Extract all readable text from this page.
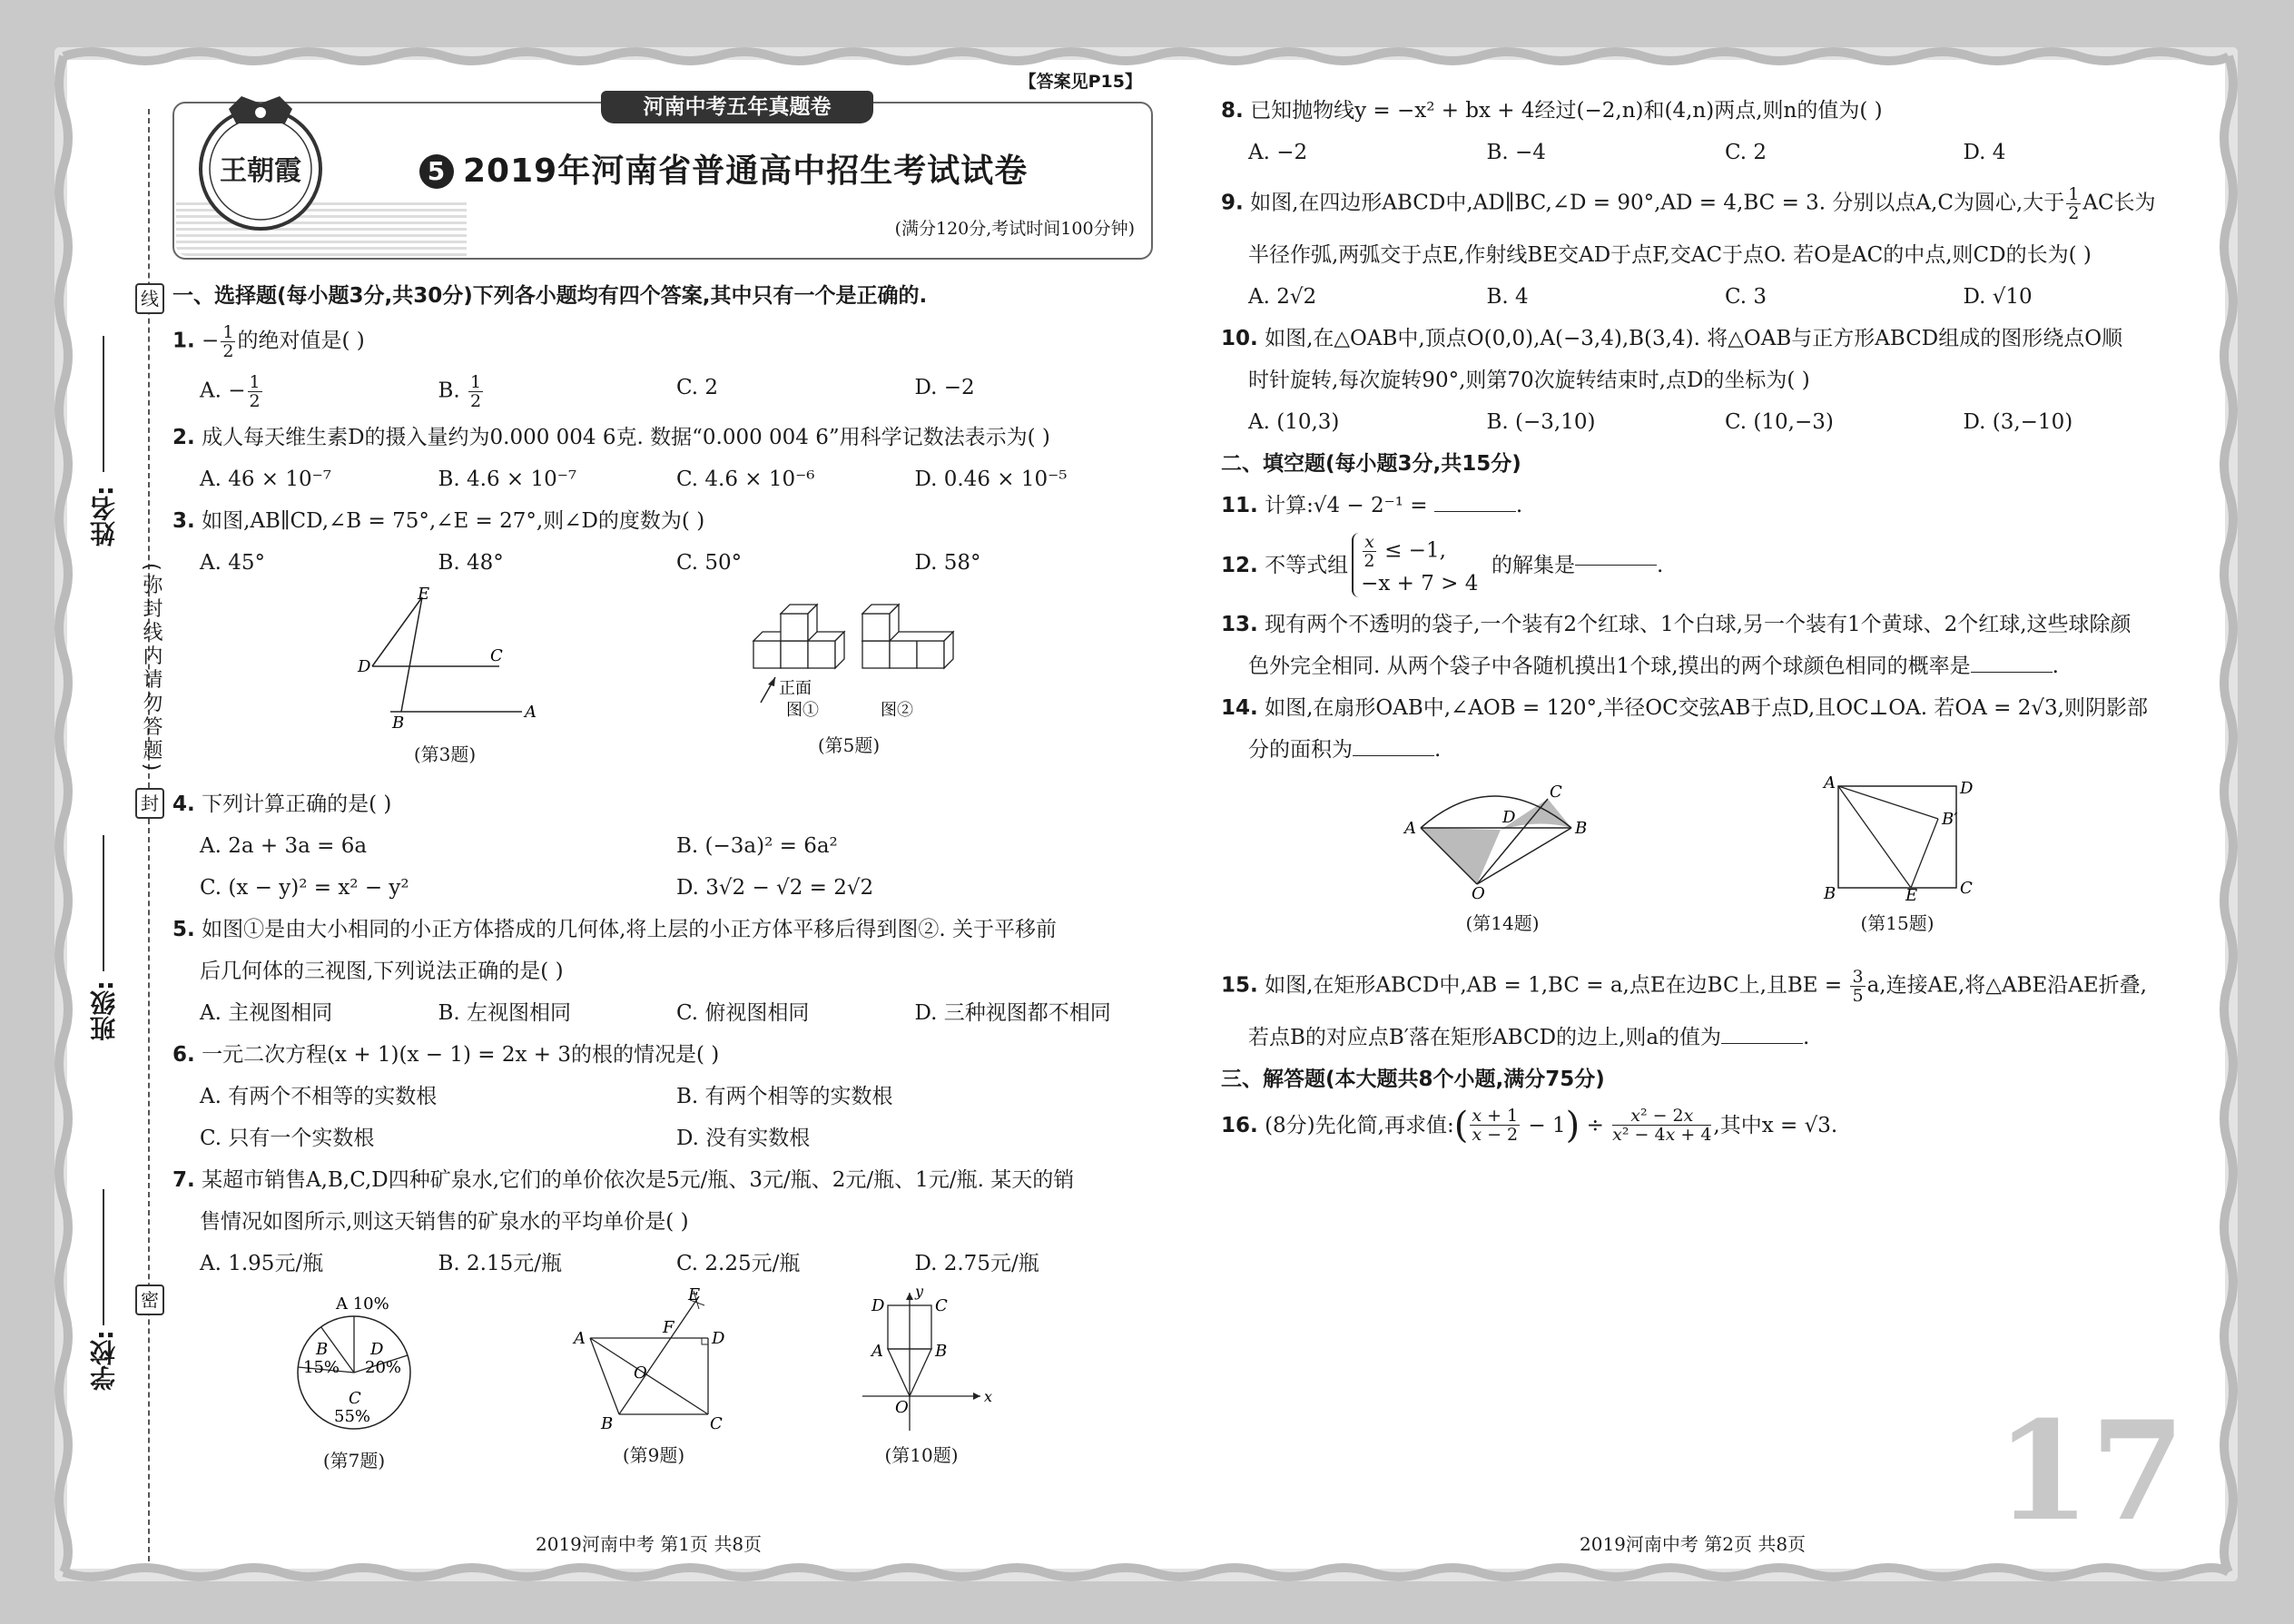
17
线
姓名:
(弥封线内请勿答题)
封
班级:
密
学校:
【答案见P15】
王朝霞
河南中考五年真题卷
5 2019年河南省普通高中招生考试试卷
(满分120分,考试时间100分钟)
一、选择题(每小题3分,共30分)下列各小题均有四个答案,其中只有一个是正确的.
1. − $\frac{1}{2}$ 的绝对值是( )
A. − $\frac{1}{2}$	B. $\frac{1}{2}$	C. 2	D. −2
2. 成人每天维生素D的摄入量约为0.000 004 6克. 数据“0.000 004 6”用科学记数法表示为( )
A. 46 × 10⁻⁷	B. 4.6 × 10⁻⁷	C. 4.6 × 10⁻⁶	D. 0.46 × 10⁻⁵
3. 如图,AB∥CD,∠B = 75°,∠E = 27°,则∠D的度数为( )
A. 45°	B. 48°	C. 50°	D. 58°
E
D
C
B
A
(第3题)
正面
图①	图②
(第5题)
4. 下列计算正确的是( )
A. 2a + 3a = 6a	B. (−3a)² = 6a²
C. (x − y)² = x² − y²	D. 3√2 − √2 = 2√2
5. 如图①是由大小相同的小正方体搭成的几何体,将上层的小正方体平移后得到图②. 关于平移前
后几何体的三视图,下列说法正确的是( )
A. 主视图相同	B. 左视图相同	C. 俯视图相同	D. 三种视图都不相同
6. 一元二次方程(x + 1)(x − 1) = 2x + 3的根的情况是( )
A. 有两个不相等的实数根	B. 有两个相等的实数根
C. 只有一个实数根	D. 没有实数根
7. 某超市销售A,B,C,D四种矿泉水,它们的单价依次是5元/瓶、3元/瓶、2元/瓶、1元/瓶. 某天的销
售情况如图所示,则这天销售的矿泉水的平均单价是( )
A. 1.95元/瓶	B. 2.15元/瓶	C. 2.25元/瓶	D. 2.75元/瓶
A 10%
B
15%
D
20%
C
55%
(第7题)
E
F
A	D
O
B	C
(第9题)
x
y
D	C
A	B
O
(第10题)
2019河南中考 第1页 共8页
8. 已知抛物线y = −x² + bx + 4经过(−2,n)和(4,n)两点,则n的值为( )
A. −2	B. −4	C. 2	D. 4
9. 如图,在四边形ABCD中,AD∥BC,∠D = 90°,AD = 4,BC = 3. 分别以点A,C为圆心,大于 $\frac{1}{2}$ AC长为
半径作弧,两弧交于点E,作射线BE交AD于点F,交AC于点O. 若O是AC的中点,则CD的长为( )
A. 2√2	B. 4	C. 3	D. √10
10. 如图,在△OAB中,顶点O(0,0),A(−3,4),B(3,4). 将△OAB与正方形ABCD组成的图形绕点O顺
时针旋转,每次旋转90°,则第70次旋转结束时,点D的坐标为( )
A. (10,3)	B. (−3,10)	C. (10,−3)	D. (3,−10)
二、填空题(每小题3分,共15分)
11. 计算:√4 − 2⁻¹ =	.
12.
不等式组 $\frac{x}{2} \le -1$,
−x + 7 > 4

的解集是	.
13. 现有两个不透明的袋子,一个装有2个红球、1个白球,另一个装有1个黄球、2个红球,这些球除颜
色外完全相同. 从两个袋子中各随机摸出1个球,摸出的两个球颜色相同的概率是	.
14. 如图,在扇形OAB中,∠AOB = 120°,半径OC交弦AB于点D,且OC⊥OA. 若OA = 2√3,则阴影部
分的面积为	.
A
C
D
B
O
(第14题)
A	D
B′
B	E	C
(第15题)
15. 如图,在矩形ABCD中,AB = 1,BC = a,点E在边BC上,且BE = $\frac{3}{5} a$,连接AE,将△ABE沿AE折叠,
若点B的对应点B′落在矩形ABCD的边上,则a的值为	.
三、解答题(本大题共8个小题,满分75分)
16.
(8分)先化简,再求值: ( $\frac{x + 1}{x - 2} - 1$ ) ÷ $\frac{\text{x² − 2x}}{\text{x² − 4x + 4}}$ ,其中x = √3.
2019河南中考 第2页 共8页
